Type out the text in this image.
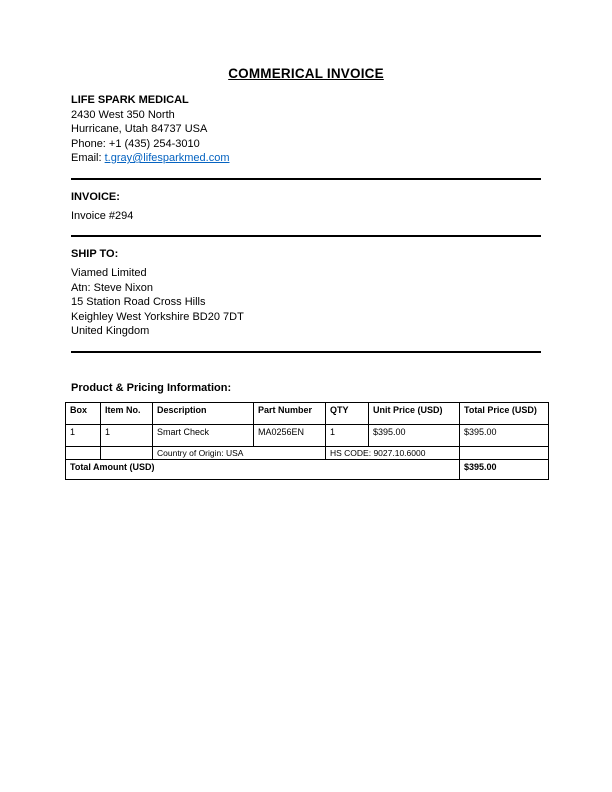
COMMERICAL INVOICE
LIFE SPARK MEDICAL
2430 West 350 North
Hurricane, Utah 84737 USA
Phone: +1 (435) 254-3010
Email: t.gray@lifesparkmed.com
INVOICE:
Invoice #294
SHIP TO:
Viamed Limited
Atn: Steve Nixon
15 Station Road Cross Hills
Keighley West Yorkshire BD20 7DT
United Kingdom
Product & Pricing Information:
Box	Item No.	Description	Part Number	QTY	Unit Price (USD)	Total Price (USD)
1	1	Smart Check	MA0256EN	1	$395.00	$395.00
		Country of Origin: USA		HS CODE: 9027.10.6000		
Total Amount (USD)						$395.00
